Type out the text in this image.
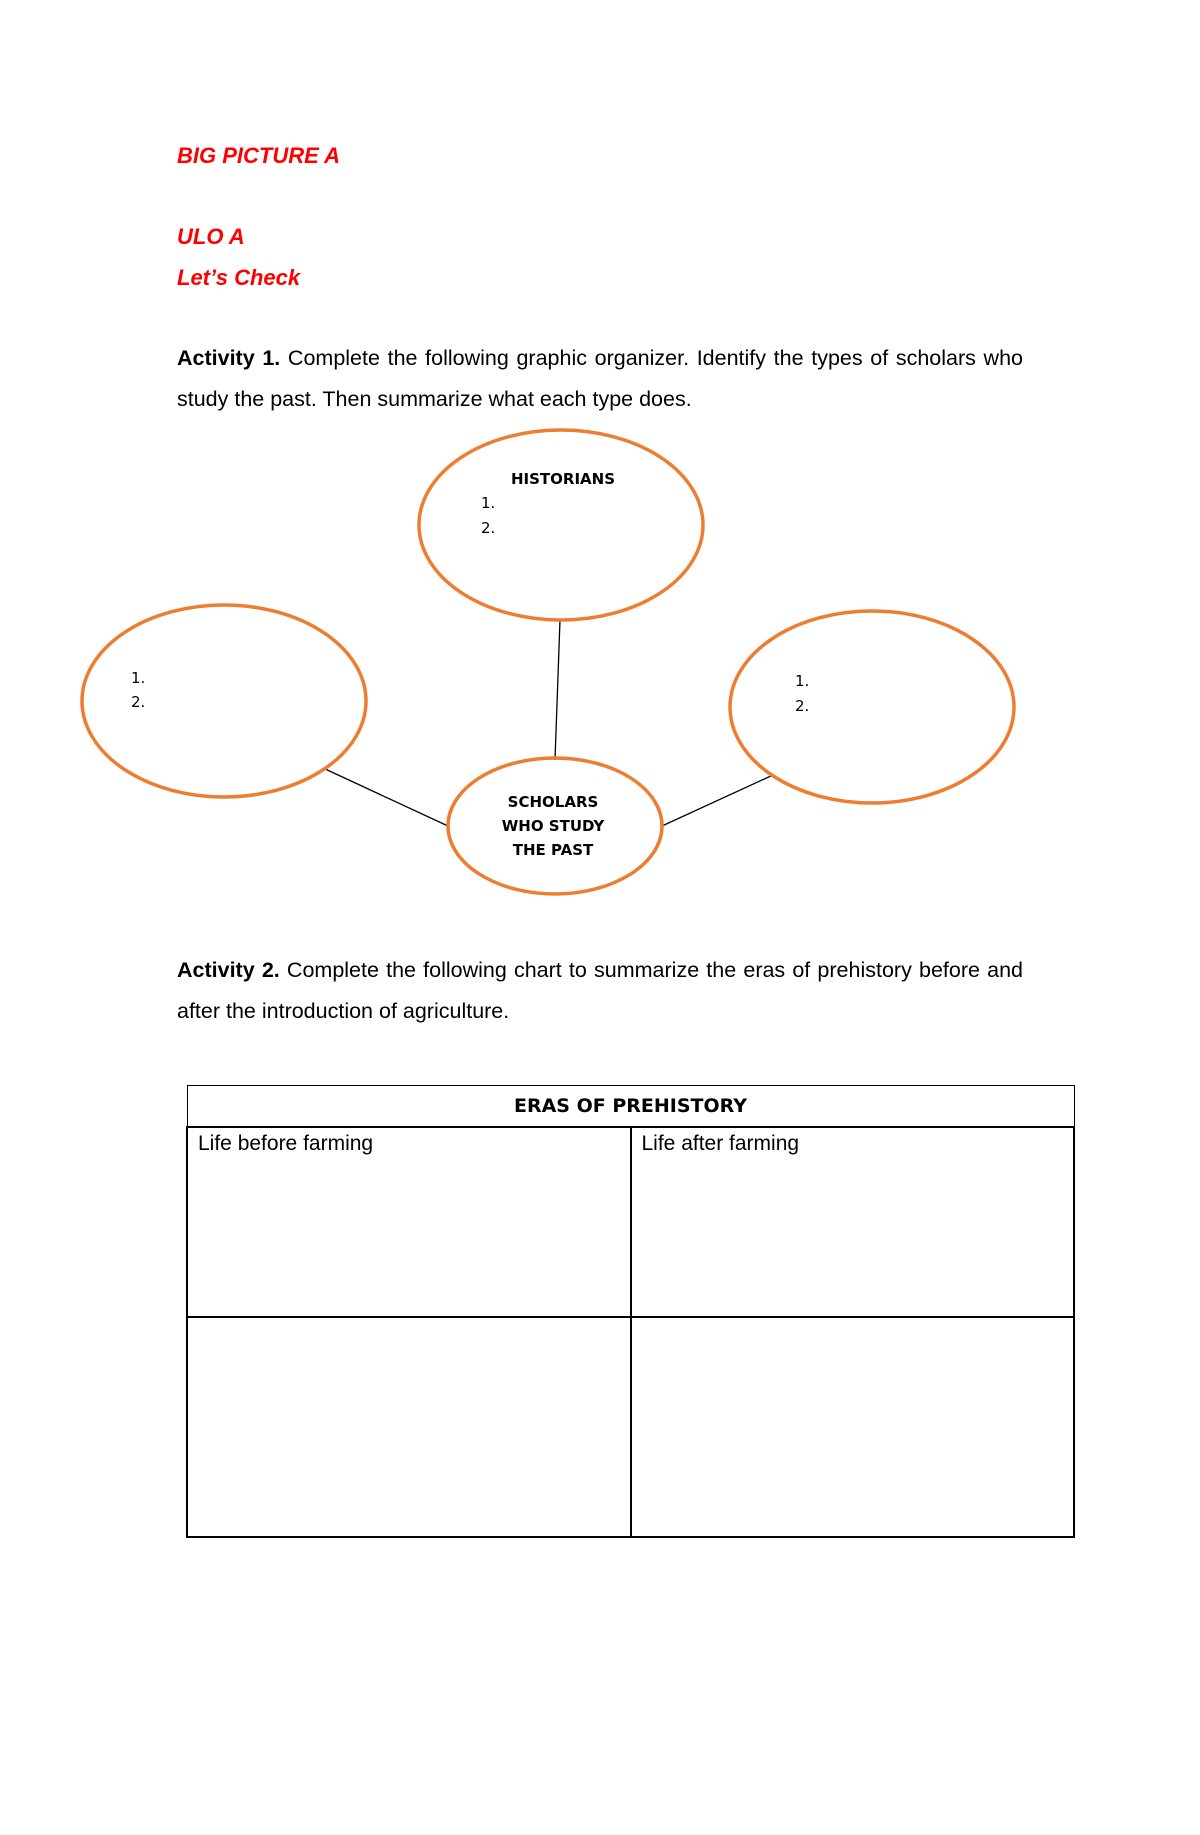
BIG PICTURE A
ULO A
Let’s Check
Activity 1. Complete the following graphic organizer. Identify the types of scholars who study the past. Then summarize what each type does.
HISTORIANS
1.
2.
1.
2.
1.
2.
SCHOLARS
WHO STUDY
THE PAST
Activity 2. Complete the following chart to summarize the eras of prehistory before and after the introduction of agriculture.
ERAS OF PREHISTORY	
Life before farming	Life after farming
